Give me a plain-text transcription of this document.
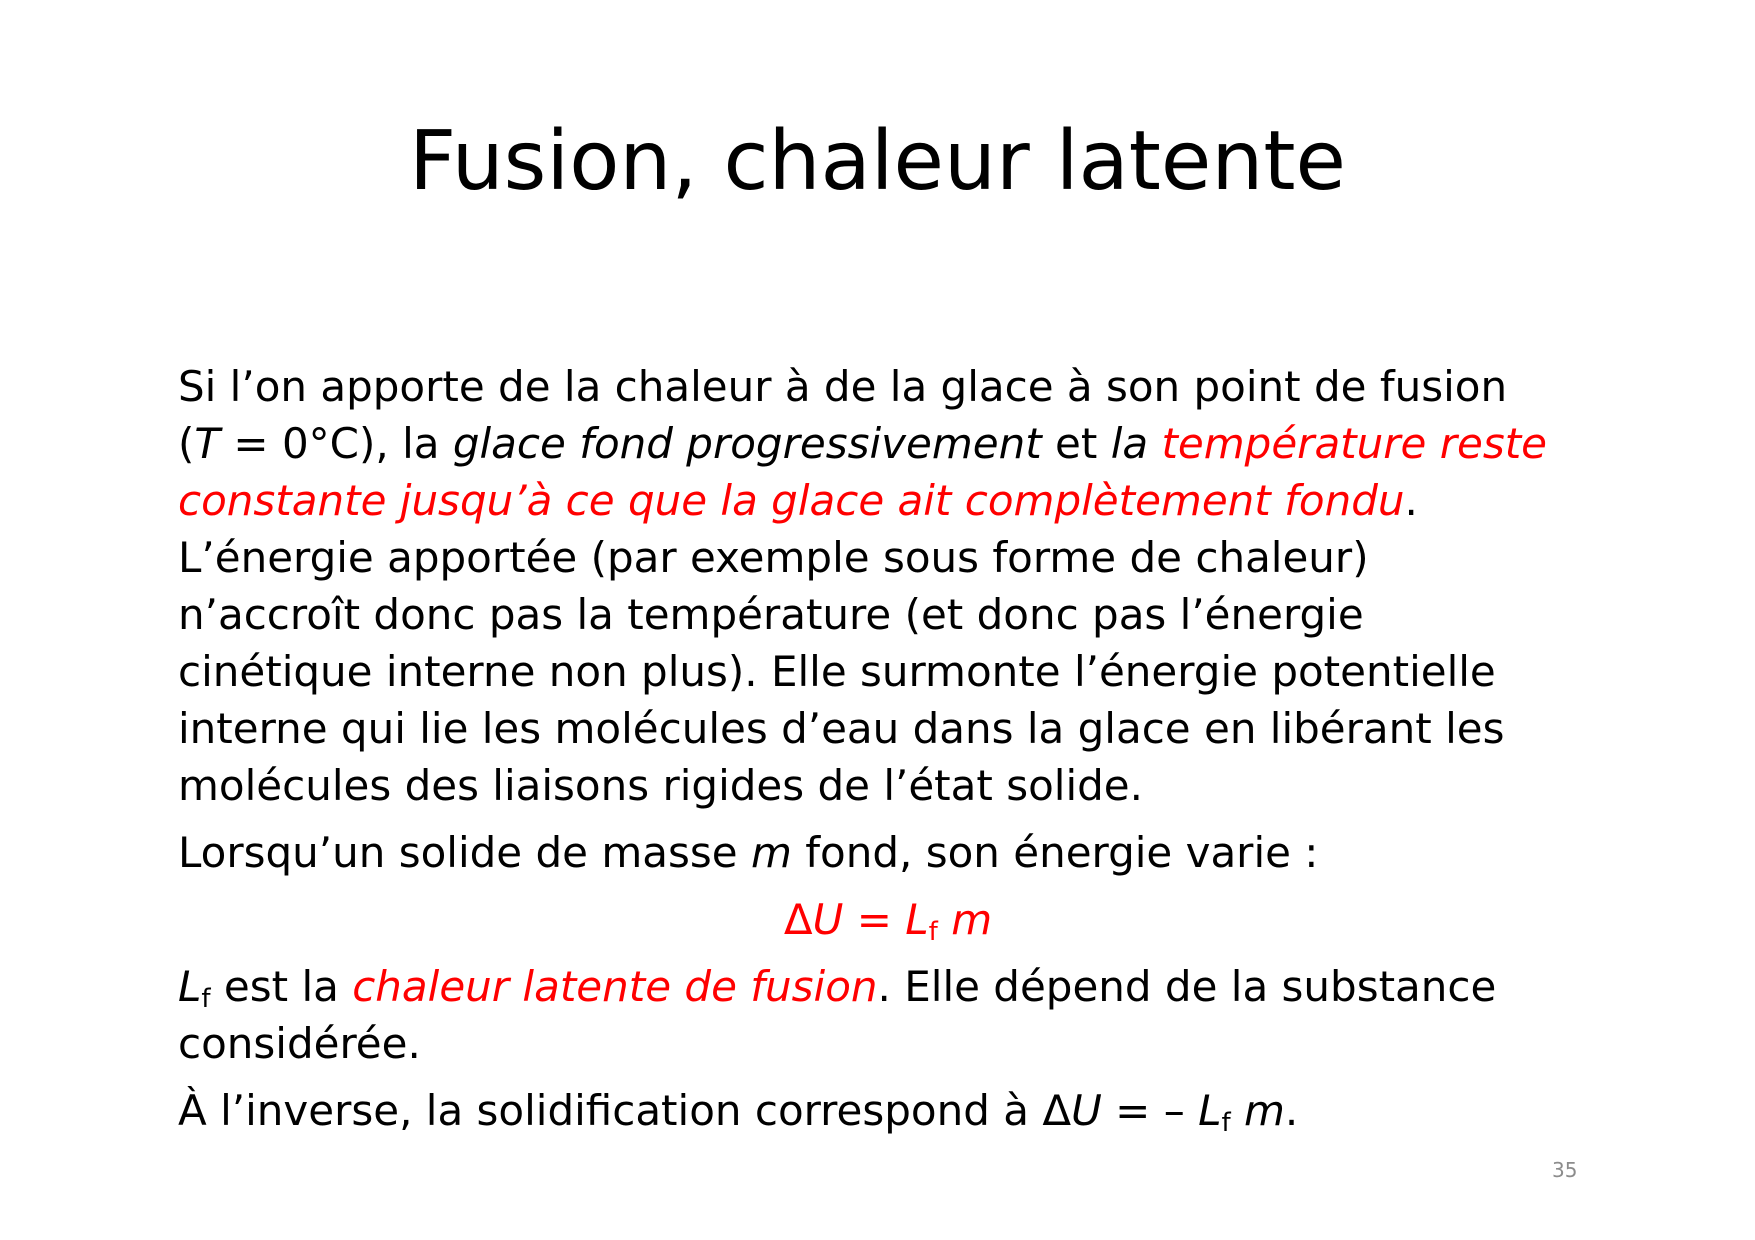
Fusion, chaleur latente
Si l’on apporte de la chaleur à de la glace à son point de fusion
(T = 0°C), la glace fond progressivement et la température reste
constante jusqu’à ce que la glace ait complètement fondu.
L’énergie apportée (par exemple sous forme de chaleur)
n’accroît donc pas la température (et donc pas l’énergie
cinétique interne non plus). Elle surmonte l’énergie potentielle
interne qui lie les molécules d’eau dans la glace en libérant les
molécules des liaisons rigides de l’état solide.
Lorsqu’un solide de masse m fond, son énergie varie :
$\Delta U = L_f$ m
$L_f$ est la chaleur latente de fusion. Elle dépend de la substance
considérée.
À l’inverse, la solidification correspond à ΔU = – $L_f$ m.
35
